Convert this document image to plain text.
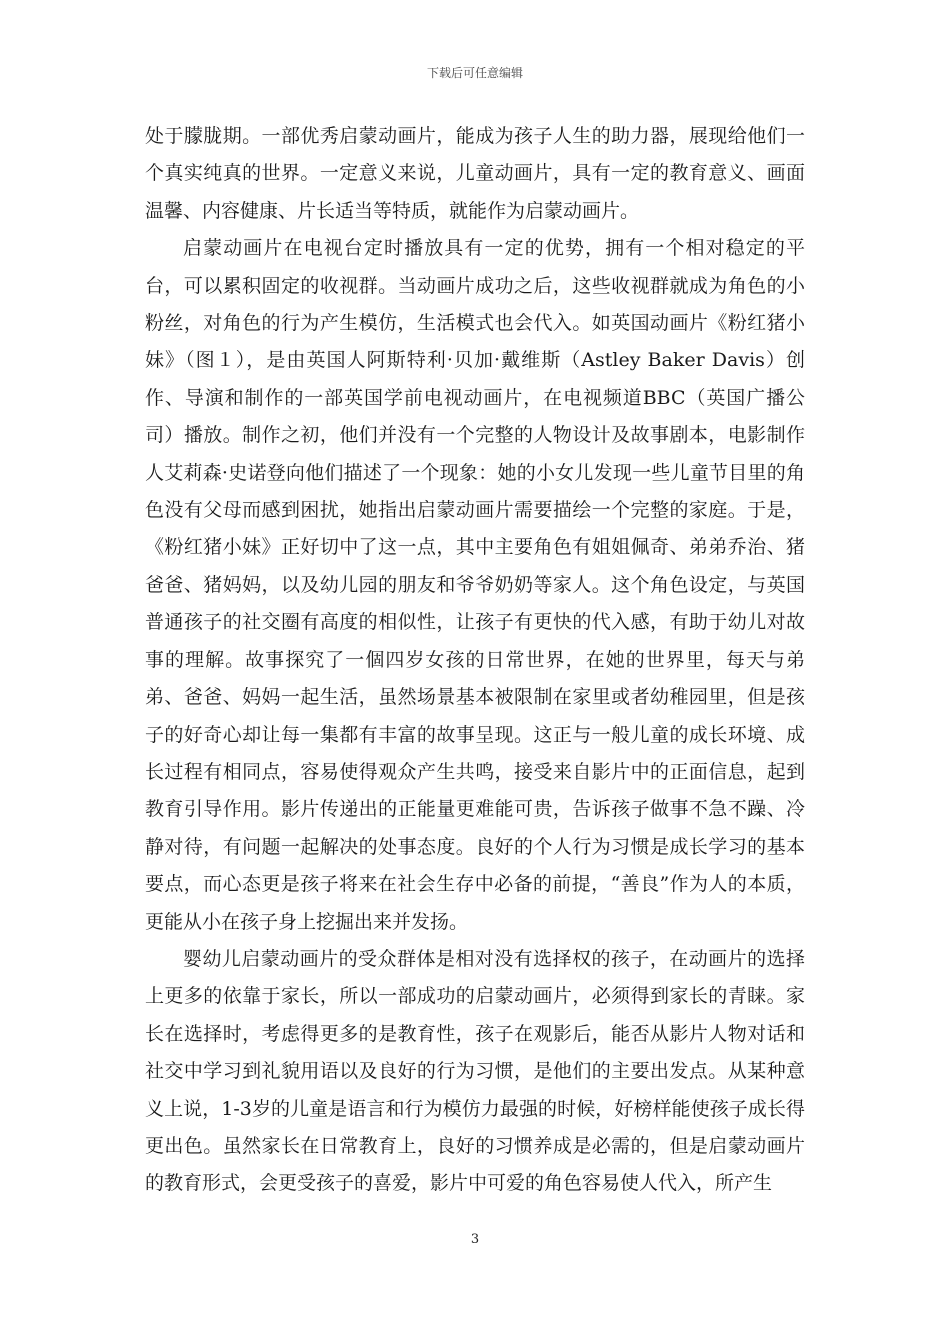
下载后可任意编辑

处于朦胧期。一部优秀启蒙动画片，能成为孩子人生的助力器，展现给他们一个真实纯真的世界。一定意义来说，儿童动画片，具有一定的教育意义、画面温馨、内容健康、片长适当等特质，就能作为启蒙动画片。

启蒙动画片在电视台定时播放具有一定的优势，拥有一个相对稳定的平台，可以累积固定的收视群。当动画片成功之后，这些收视群就成为角色的小粉丝，对角色的行为产生模仿，生活模式也会代入。如英国动画片《粉红猪小妹》（图１），是由英国人阿斯特利·贝加·戴维斯（Astley Baker Davis）创作、导演和制作的一部英国学前电视动画片，在电视频道BBC（英国广播公司）播放。制作之初，他们并没有一个完整的人物设计及故事剧本，电影制作人艾莉森·史诺登向他们描述了一个现象：她的小女儿发现一些儿童节目里的角色没有父母而感到困扰，她指出启蒙动画片需要描绘一个完整的家庭。于是，《粉红猪小妹》正好切中了这一点，其中主要角色有姐姐佩奇、弟弟乔治、猪爸爸、猪妈妈，以及幼儿园的朋友和爷爷奶奶等家人。这个角色设定，与英国普通孩子的社交圈有高度的相似性，让孩子有更快的代入感，有助于幼儿对故事的理解。故事探究了一個四岁女孩的日常世界，在她的世界里，每天与弟弟、爸爸、妈妈一起生活，虽然场景基本被限制在家里或者幼稚园里，但是孩子的好奇心却让每一集都有丰富的故事呈现。这正与一般儿童的成长环境、成长过程有相同点，容易使得观众产生共鸣，接受来自影片中的正面信息，起到教育引导作用。影片传递出的正能量更难能可贵，告诉孩子做事不急不躁、冷静对待，有问题一起解决的处事态度。良好的个人行为习惯是成长学习的基本要点，而心态更是孩子将来在社会生存中必备的前提，“善良”作为人的本质，更能从小在孩子身上挖掘出来并发扬。

婴幼儿启蒙动画片的受众群体是相对没有选择权的孩子，在动画片的选择上更多的依靠于家长，所以一部成功的启蒙动画片，必须得到家长的青睐。家长在选择时，考虑得更多的是教育性，孩子在观影后，能否从影片人物对话和社交中学习到礼貌用语以及良好的行为习惯，是他们的主要出发点。从某种意义上说，1-3岁的儿童是语言和行为模仿力最强的时候，好榜样能使孩子成长得更出色。虽然家长在日常教育上，良好的习惯养成是必需的，但是启蒙动画片的教育形式，会更受孩子的喜爱，影片中可爱的角色容易使人代入，所产生

3
